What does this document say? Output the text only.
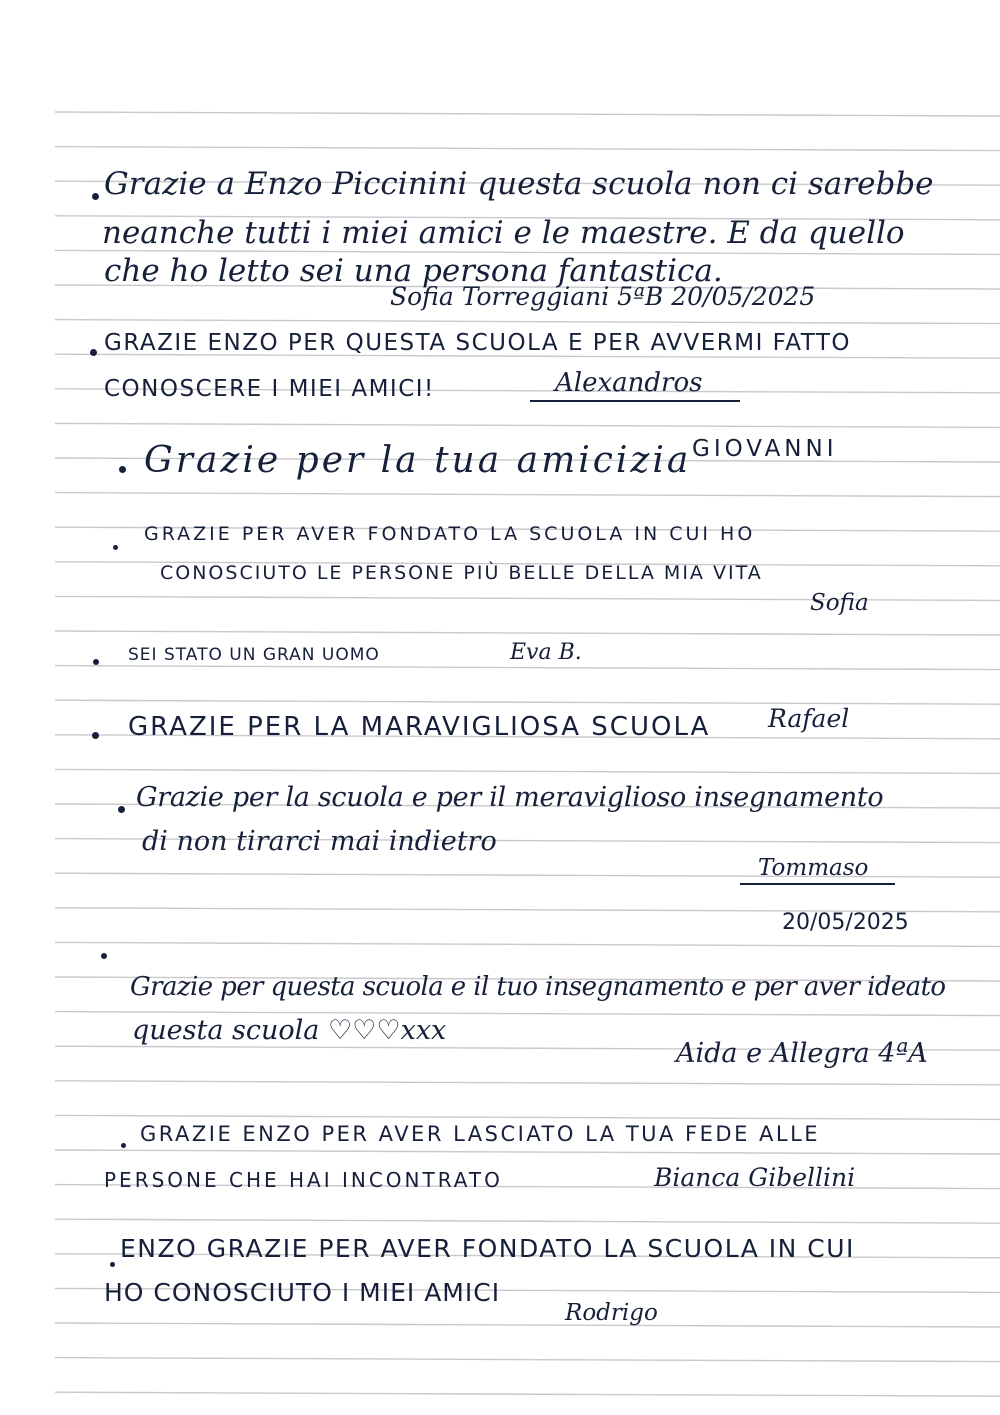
Grazie a Enzo Piccinini questa scuola non ci sarebbe
neanche tutti i miei amici e le maestre. E da quello
che ho letto sei una persona fantastica.
Sofia Torreggiani 5ªB 20/05/2025
GRAZIE ENZO PER QUESTA SCUOLA E PER AVVERMI FATTO
CONOSCERE I MIEI AMICI!	Alexandros
Grazie per la tua amicizia GIOVANNI
GRAZIE PER AVER FONDATO LA SCUOLA IN CUI HO
CONOSCIUTO LE PERSONE PIÙ BELLE DELLA MIA VITA
Sofia
SEI STATO UN GRAN UOMO	Eva B.
GRAZIE PER LA MARAVIGLIOSA SCUOLA Rafael
Grazie per la scuola e per il meraviglioso insegnamento
di non tirarci mai indietro
Tommaso
20/05/2025
Grazie per questa scuola e il tuo insegnamento e per aver ideato
questa scuola ♡♡♡xxx
Aida e Allegra 4ªA
GRAZIE ENZO PER AVER LASCIATO LA TUA FEDE ALLE
PERSONE CHE HAI INCONTRATO	Bianca Gibellini
ENZO GRAZIE PER AVER FONDATO LA SCUOLA IN CUI
HO CONOSCIUTO I MIEI AMICI
Rodrigo
